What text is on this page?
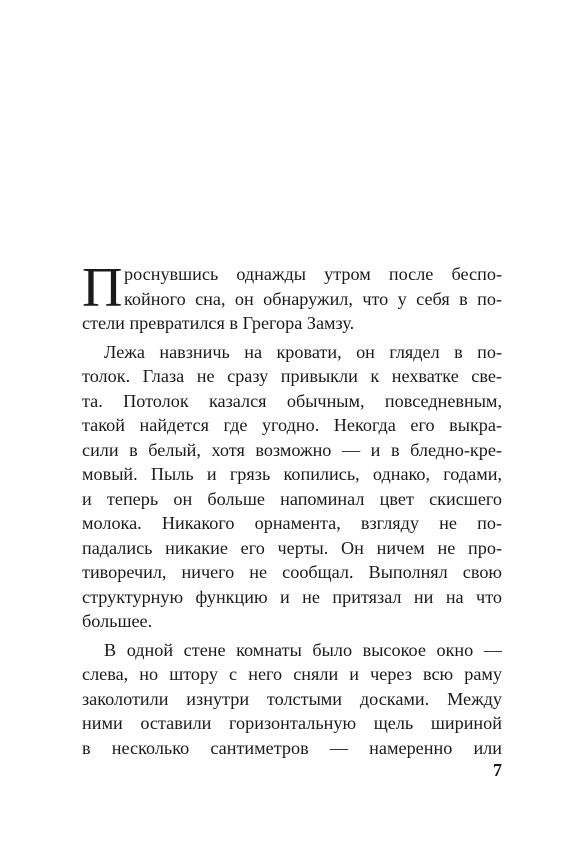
П роснувшись однажды утром после беспо-
койного сна, он обнаружил, что у себя в по-
стели превратился в Грегора Замзу.
Лежа навзничь на кровати, он глядел в по-
толок. Глаза не сразу привыкли к нехватке све-
та. Потолок казался обычным, повседневным,
такой найдется где угодно. Некогда его выкра-
сили в белый, хотя возможно — и в бледно-кре-
мовый. Пыль и грязь копились, однако, годами,
и теперь он больше напоминал цвет скисшего
молока. Никакого орнамента, взгляду не по-
падались никакие его черты. Он ничем не про-
тиворечил, ничего не сообщал. Выполнял свою
структурную функцию и не притязал ни на что
большее.
В одной стене комнаты было высокое окно —
слева, но штору с него сняли и через всю раму
заколотили изнутри толстыми досками. Между
ними оставили горизонтальную щель шириной
в несколько сантиметров — намеренно или
7
